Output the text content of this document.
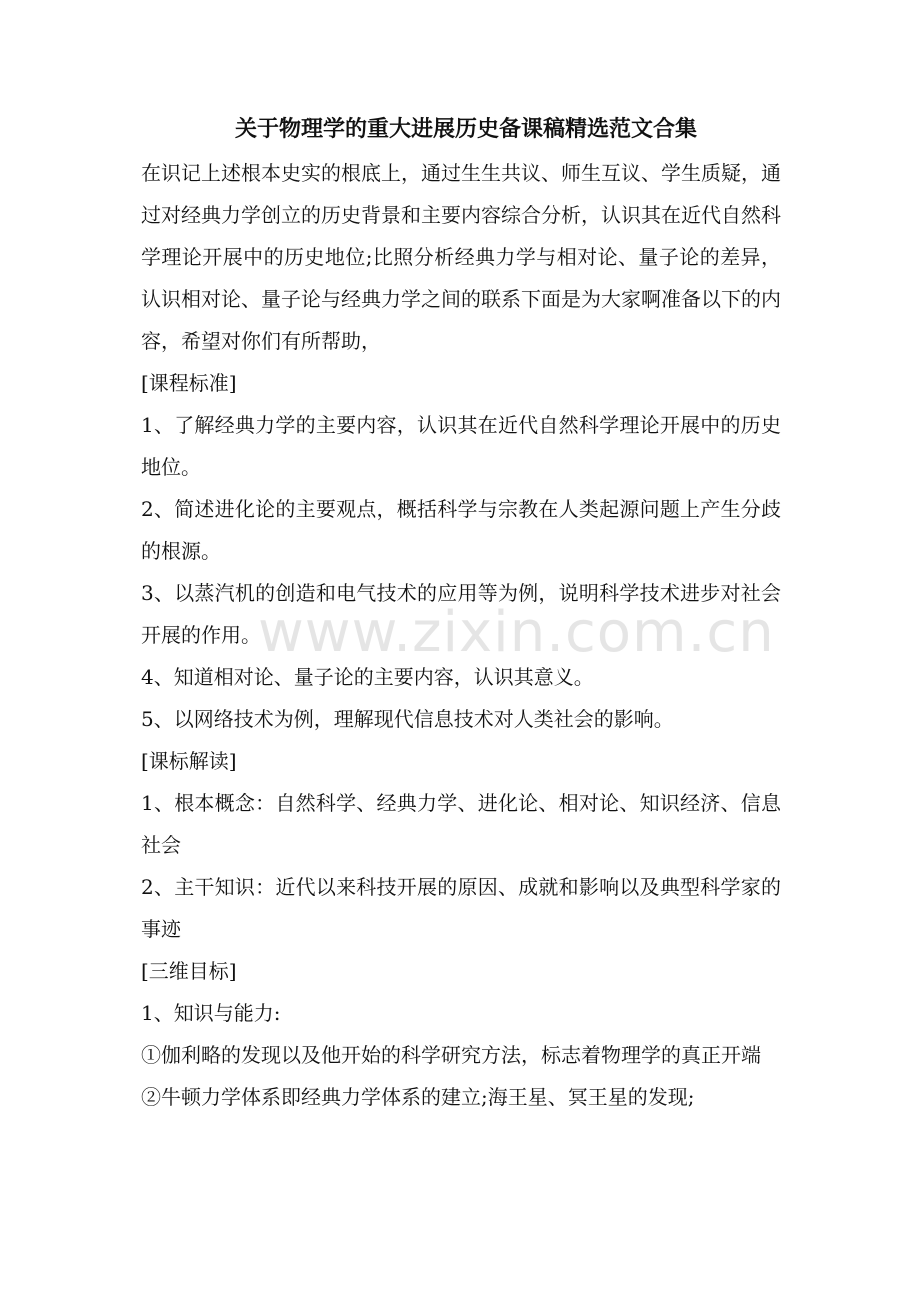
关于物理学的重大进展历史备课稿精选范文合集

在识记上述根本史实的根底上，通过生生共议、师生互议、学生质疑，通过对经典力学创立的历史背景和主要内容综合分析，认识其在近代自然科学理论开展中的历史地位;比照分析经典力学与相对论、量子论的差异，认识相对论、量子论与经典力学之间的联系下面是为大家啊准备以下的内容，希望对你们有所帮助，

[课程标准]

1、了解经典力学的主要内容，认识其在近代自然科学理论开展中的历史地位。

2、简述进化论的主要观点，概括科学与宗教在人类起源问题上产生分歧的根源。

3、以蒸汽机的创造和电气技术的应用等为例，说明科学技术进步对社会开展的作用。

4、知道相对论、量子论的主要内容，认识其意义。

5、以网络技术为例，理解现代信息技术对人类社会的影响。

[课标解读]

1、根本概念：自然科学、经典力学、进化论、相对论、知识经济、信息社会

2、主干知识：近代以来科技开展的原因、成就和影响以及典型科学家的事迹

[三维目标]

1、知识与能力:

①伽利略的发现以及他开始的科学研究方法，标志着物理学的真正开端

②牛顿力学体系即经典力学体系的建立;海王星、冥王星的发现;

www.zixin.com.cn
